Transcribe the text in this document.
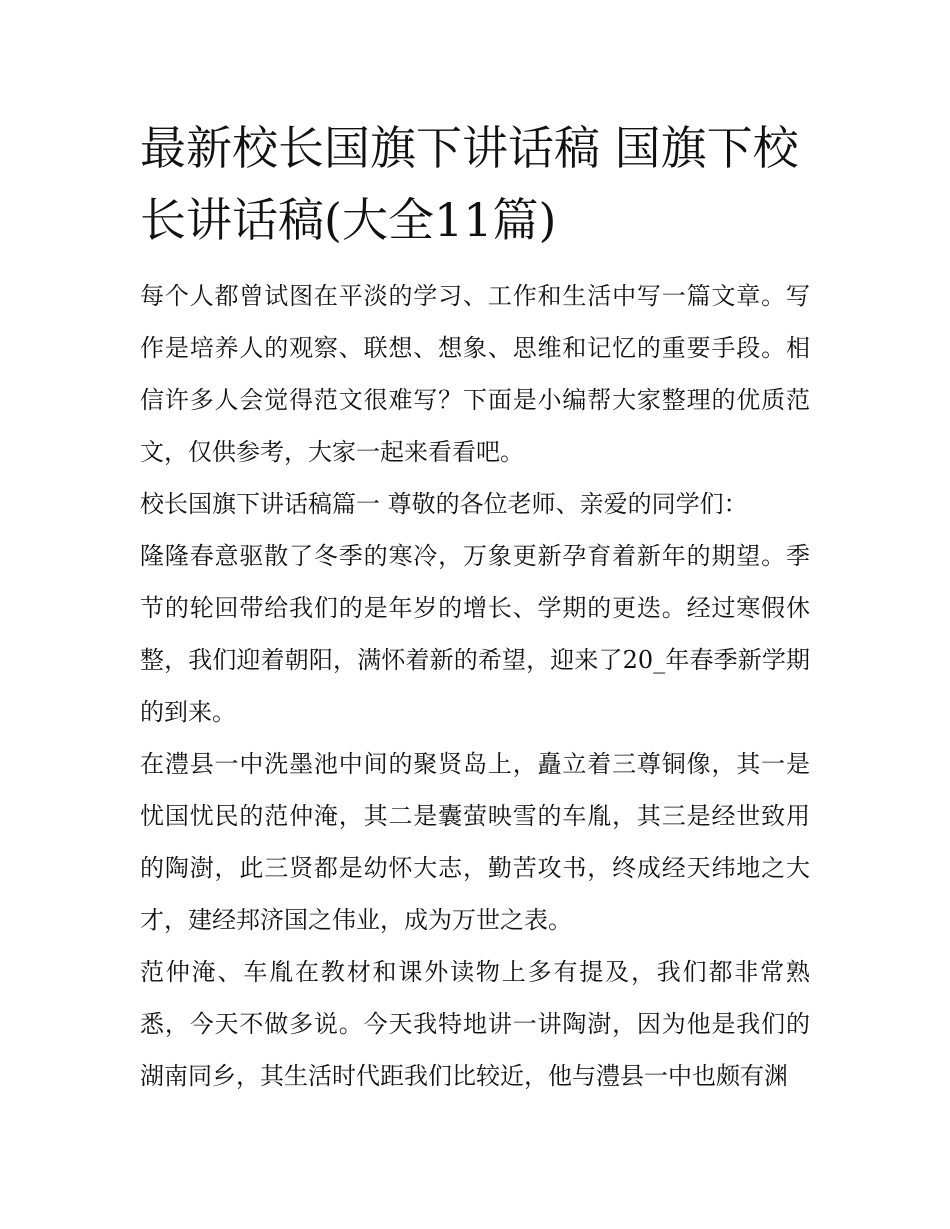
最新校长国旗下讲话稿 国旗下校长讲话稿(大全11篇)

每个人都曾试图在平淡的学习、工作和生活中写一篇文章。写作是培养人的观察、联想、想象、思维和记忆的重要手段。相信许多人会觉得范文很难写？下面是小编帮大家整理的优质范文，仅供参考，大家一起来看看吧。

校长国旗下讲话稿篇一 尊敬的各位老师、亲爱的同学们：

隆隆春意驱散了冬季的寒冷，万象更新孕育着新年的期望。季节的轮回带给我们的是年岁的增长、学期的更迭。经过寒假休整，我们迎着朝阳，满怀着新的希望，迎来了20_年春季新学期的到来。

在澧县一中洗墨池中间的聚贤岛上，矗立着三尊铜像，其一是忧国忧民的范仲淹，其二是囊萤映雪的车胤，其三是经世致用的陶澍，此三贤都是幼怀大志，勤苦攻书，终成经天纬地之大才，建经邦济国之伟业，成为万世之表。

范仲淹、车胤在教材和课外读物上多有提及，我们都非常熟悉，今天不做多说。今天我特地讲一讲陶澍，因为他是我们的湖南同乡，其生活时代距我们比较近，他与澧县一中也颇有渊
